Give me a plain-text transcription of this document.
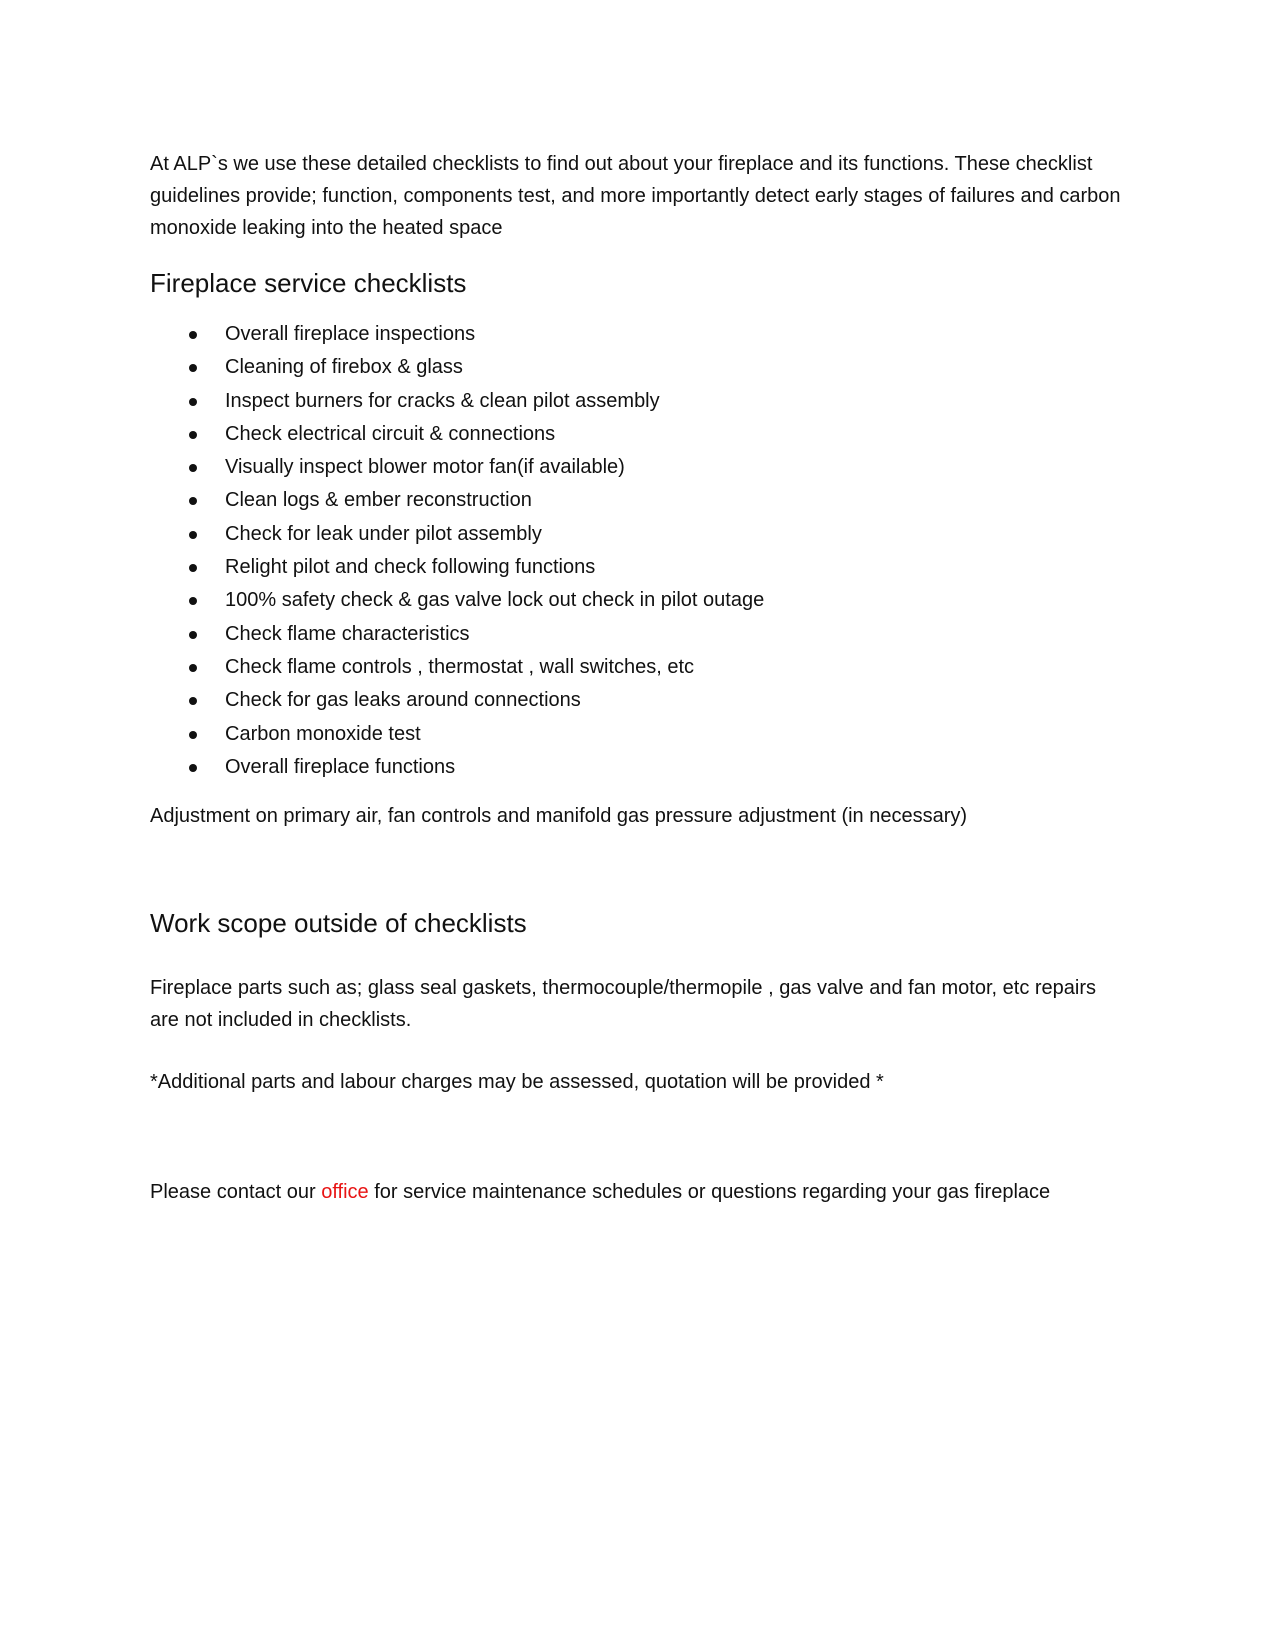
At ALP`s we use these detailed checklists to find out about your fireplace and its functions. These checklist guidelines provide; function, components test, and more importantly detect early stages of failures and carbon monoxide leaking into the heated space

Fireplace service checklists
Overall fireplace inspections
Cleaning of firebox & glass
Inspect burners for cracks & clean pilot assembly
Check electrical circuit & connections
Visually inspect blower motor fan(if available)
Clean logs & ember reconstruction
Check for leak under pilot assembly
Relight pilot and check following functions
100% safety check & gas valve lock out check in pilot outage
Check flame characteristics
Check flame controls , thermostat , wall switches, etc
Check for gas leaks around connections
Carbon monoxide test
Overall fireplace functions

Adjustment on primary air, fan controls and manifold gas pressure adjustment (in necessary)

Work scope outside of checklists

Fireplace parts such as; glass seal gaskets, thermocouple/thermopile , gas valve and fan motor, etc repairs are not included in checklists.

*Additional parts and labour charges may be assessed, quotation will be provided *

Please contact our office for service maintenance schedules or questions regarding your gas fireplace
